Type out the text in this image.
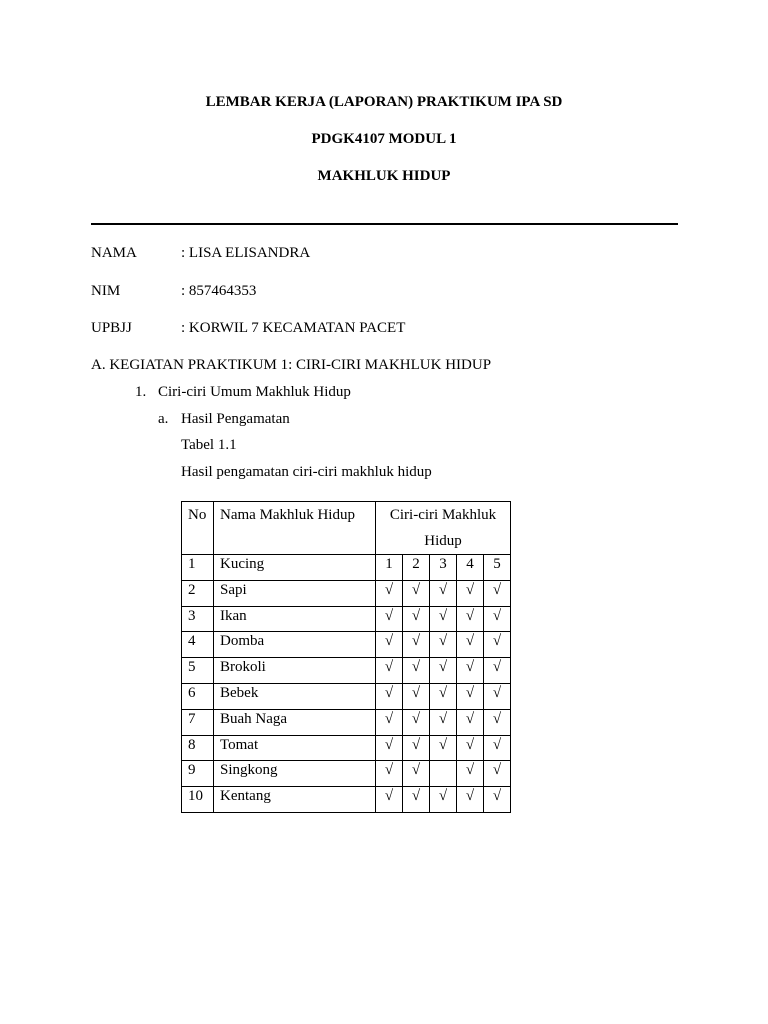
LEMBAR KERJA (LAPORAN) PRAKTIKUM IPA SD
PDGK4107 MODUL 1
MAKHLUK HIDUP
NAMA	: LISA ELISANDRA
NIM	: 857464353
UPBJJ	: KORWIL 7 KECAMATAN PACET
A. KEGIATAN PRAKTIKUM 1: CIRI-CIRI MAKHLUK HIDUP
1. Ciri-ciri Umum Makhluk Hidup
a. Hasil Pengamatan
Tabel 1.1
Hasil pengamatan ciri-ciri makhluk hidup
No	Nama Makhluk Hidup	Ciri-ciri Makhluk
Hidup				

1	Kucing	1	2	3	4	5
2	Sapi	√	√	√	√	√
3	Ikan	√	√	√	√	√
4	Domba	√	√	√	√	√
5	Brokoli	√	√	√	√	√
6	Bebek	√	√	√	√	√
7	Buah Naga	√	√	√	√	√
8	Tomat	√	√	√	√	√
9	Singkong	√	√		√	√
10	Kentang	√	√	√	√	√
